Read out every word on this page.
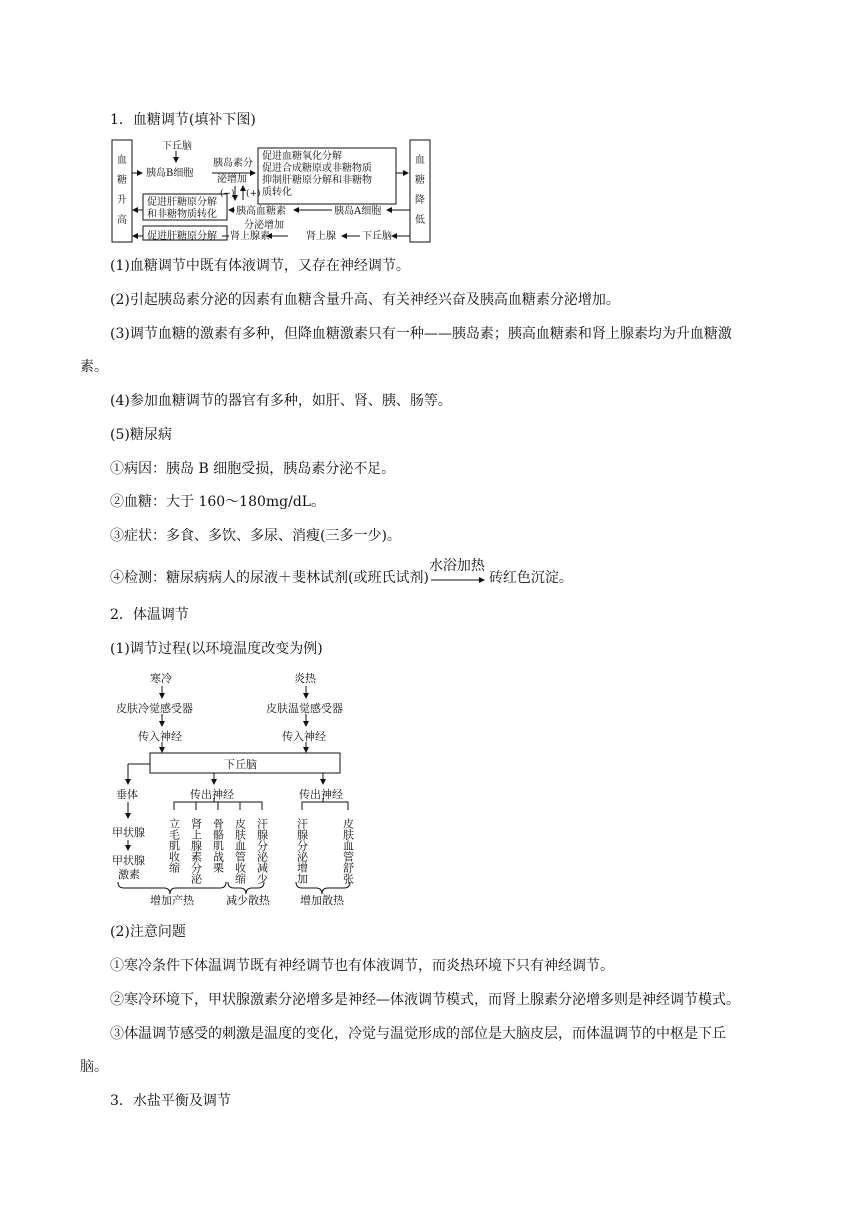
1．血糖调节(填补下图)
血
糖
升
高
血
糖
降
低
下丘脑
胰岛B细胞
胰岛素分
泌增加
(−) (+)
促进血糖氧化分解
促进合成糖原或非糖物质
抑制肝糖原分解和非糖物
质转化
促进肝糖原分解
和非糖物质转化 胰高血糖素	胰岛A细胞
分泌增加
促进肝糖原分解 肾上腺素	肾上腺	下丘脑
(1)血糖调节中既有体液调节，又存在神经调节。
(2)引起胰岛素分泌的因素有血糖含量升高、有关神经兴奋及胰高血糖素分泌增加。
(3)调节血糖的激素有多种，但降血糖激素只有一种——胰岛素；胰高血糖素和肾上腺素均为升血糖激
素。
(4)参加血糖调节的器官有多种，如肝、肾、胰、肠等。
(5)糖尿病
①病因：胰岛 B 细胞受损，胰岛素分泌不足。
②血糖：大于 160～180mg/dL。
③症状：多食、多饮、多尿、消瘦(三多一少)。
④检测：糖尿病病人的尿液＋斐林试剂(或班氏试剂)
水浴加热
砖红色沉淀。
2．体温调节
(1)调节过程(以环境温度改变为例)
寒冷	炎热
皮肤冷觉感受器	皮肤温觉感受器
传入神经	传入神经
下丘脑
垂体	传出神经	传出神经
甲状腺
甲状腺
激素
立毛肌收缩 肾上腺素分泌 骨骼肌战栗 皮肤血管收缩 汗腺分泌减少 汗腺分泌增加	皮肤血管舒张
增加产热	减少散热	增加散热
(2)注意问题
①寒冷条件下体温调节既有神经调节也有体液调节，而炎热环境下只有神经调节。
②寒冷环境下，甲状腺激素分泌增多是神经—体液调节模式，而肾上腺素分泌增多则是神经调节模式。
③体温调节感受的刺激是温度的变化，冷觉与温觉形成的部位是大脑皮层，而体温调节的中枢是下丘
脑。
3．水盐平衡及调节
